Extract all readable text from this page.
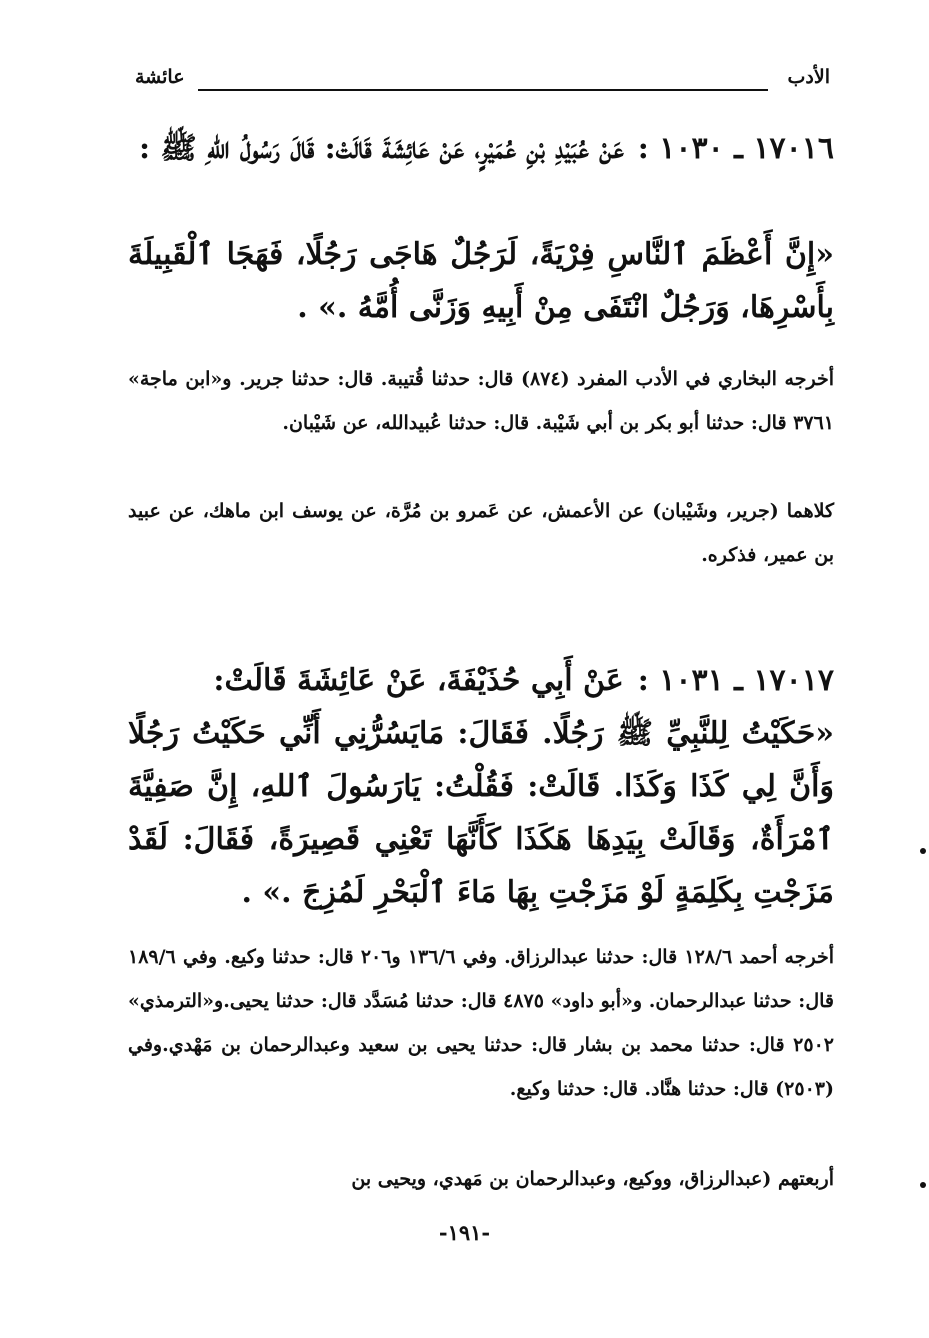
الأدب
عائشة
١٧٠١٦ ـ ١٠٣٠ :عَنْ عُبَيْدِ بْنِ عُمَيْرٍ، عَنْ عَائِشَةَ قَالَتْ: قَالَ رَسُولُ اللهِ ﷺ :
«إِنَّ أَعْظَمَ ٱلنَّاسِ فِرْيَةً، لَرَجُلٌ هَاجَى رَجُلًا، فَهَجَا ٱلْقَبِيلَةَ بِأَسْرِهَا، وَرَجُلٌ انْتَفَى مِنْ أَبِيهِ وَزَنَّى أُمَّهُ .» .
أخرجه البخاري في الأدب المفرد (٨٧٤) قال: حدثنا قُتيبة. قال: حدثنا جرير. و«ابن ماجة» ٣٧٦١ قال: حدثنا أبو بكر بن أبي شَيْبة. قال: حدثنا عُبيدالله، عن شَيْبان.
كلاهما (جرير، وشَيْبان) عن الأعمش، عن عَمرو بن مُرَّة، عن يوسف ابن ماهك، عن عبيد بن عمير، فذكره.
١٧٠١٧ ـ ١٠٣١ :عَنْ أَبِي حُذَيْفَةَ، عَنْ عَائِشَةَ قَالَتْ:
«حَكَيْتُ لِلنَّبِيِّ ﷺ رَجُلًا. فَقَالَ: مَايَسُرُّنِي أَنِّي حَكَيْتُ رَجُلًا وَأَنَّ لِي كَذَا وَكَذَا. قَالَتْ: فَقُلْتُ: يَارَسُولَ ٱللهِ، إِنَّ صَفِيَّةَ ٱمْرَأَةٌ، وَقَالَتْ بِيَدِهَا هَكَذَا كَأَنَّهَا تَعْنِي قَصِيرَةً، فَقَالَ: لَقَدْ مَزَجْتِ بِكَلِمَةٍ لَوْ مَزَجْتِ بِهَا مَاءَ ٱلْبَحْرِ لَمُزِجَ .» .
أخرجه أحمد ١٢٨/٦ قال: حدثنا عبدالرزاق. وفي ١٣٦/٦ و٢٠٦ قال: حدثنا وكيع. وفي ١٨٩/٦ قال: حدثنا عبدالرحمان. و«أبو داود» ٤٨٧٥ قال: حدثنا مُسَدَّد قال: حدثنا يحيى.و«الترمذي» ٢٥٠٢ قال: حدثنا محمد بن بشار قال: حدثنا يحيى بن سعيد وعبدالرحمان بن مَهْدي.وفي (٢٥٠٣) قال: حدثنا هنَّاد. قال: حدثنا وكيع.
أربعتهم (عبدالرزاق، ووكيع، وعبدالرحمان بن مَهدي، ويحيى بن
-١٩١-
